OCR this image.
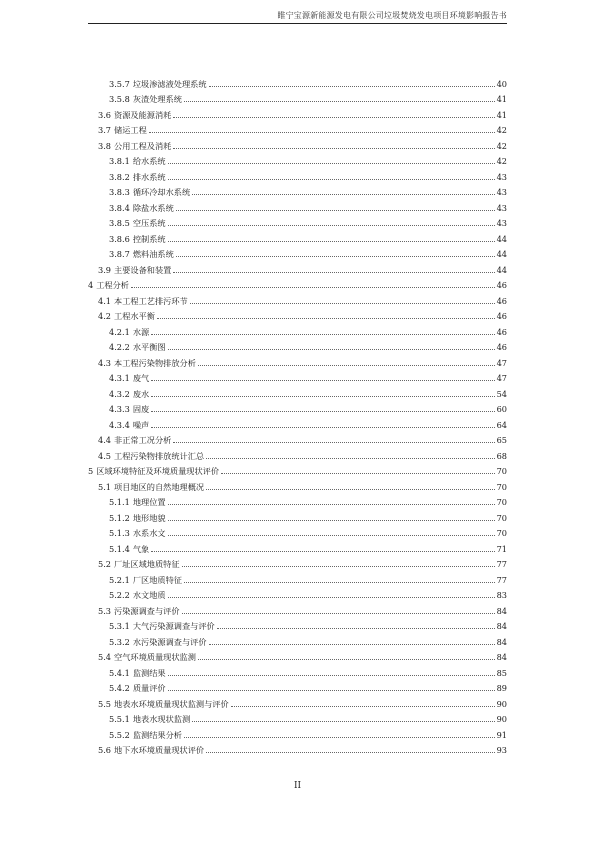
睢宁宝源新能源发电有限公司垃圾焚烧发电项目环境影响报告书
3.5.7 垃圾渗滤液处理系统	40
3.5.8 灰渣处理系统	41
3.6 资源及能源消耗	41
3.7 储运工程	42
3.8 公用工程及消耗	42
3.8.1 给水系统	42
3.8.2 排水系统	43
3.8.3 循环冷却水系统	43
3.8.4 除盐水系统	43
3.8.5 空压系统	43
3.8.6 控制系统	44
3.8.7 燃料油系统	44
3.9 主要设备和装置	44
4 工程分析	46
4.1 本工程工艺排污环节	46
4.2 工程水平衡	46
4.2.1 水源	46
4.2.2 水平衡图	46
4.3 本工程污染物排放分析	47
4.3.1 废气	47
4.3.2 废水	54
4.3.3 固废	60
4.3.4 噪声	64
4.4 非正常工况分析	65
4.5 工程污染物排放统计汇总	68
5 区域环境特征及环境质量现状评价	70
5.1 项目地区的自然地理概况	70
5.1.1 地理位置	70
5.1.2 地形地貌	70
5.1.3 水系水文	70
5.1.4 气象	71
5.2 厂址区域地质特征	77
5.2.1 厂区地质特征	77
5.2.2 水文地质	83
5.3 污染源调查与评价	84
5.3.1 大气污染源调查与评价	84
5.3.2 水污染源调查与评价	84
5.4 空气环境质量现状监测	84
5.4.1 监测结果	85
5.4.2 质量评价	89
5.5 地表水环境质量现状监测与评价	90
5.5.1 地表水现状监测	90
5.5.2 监测结果分析	91
5.6 地下水环境质量现状评价	93
II
